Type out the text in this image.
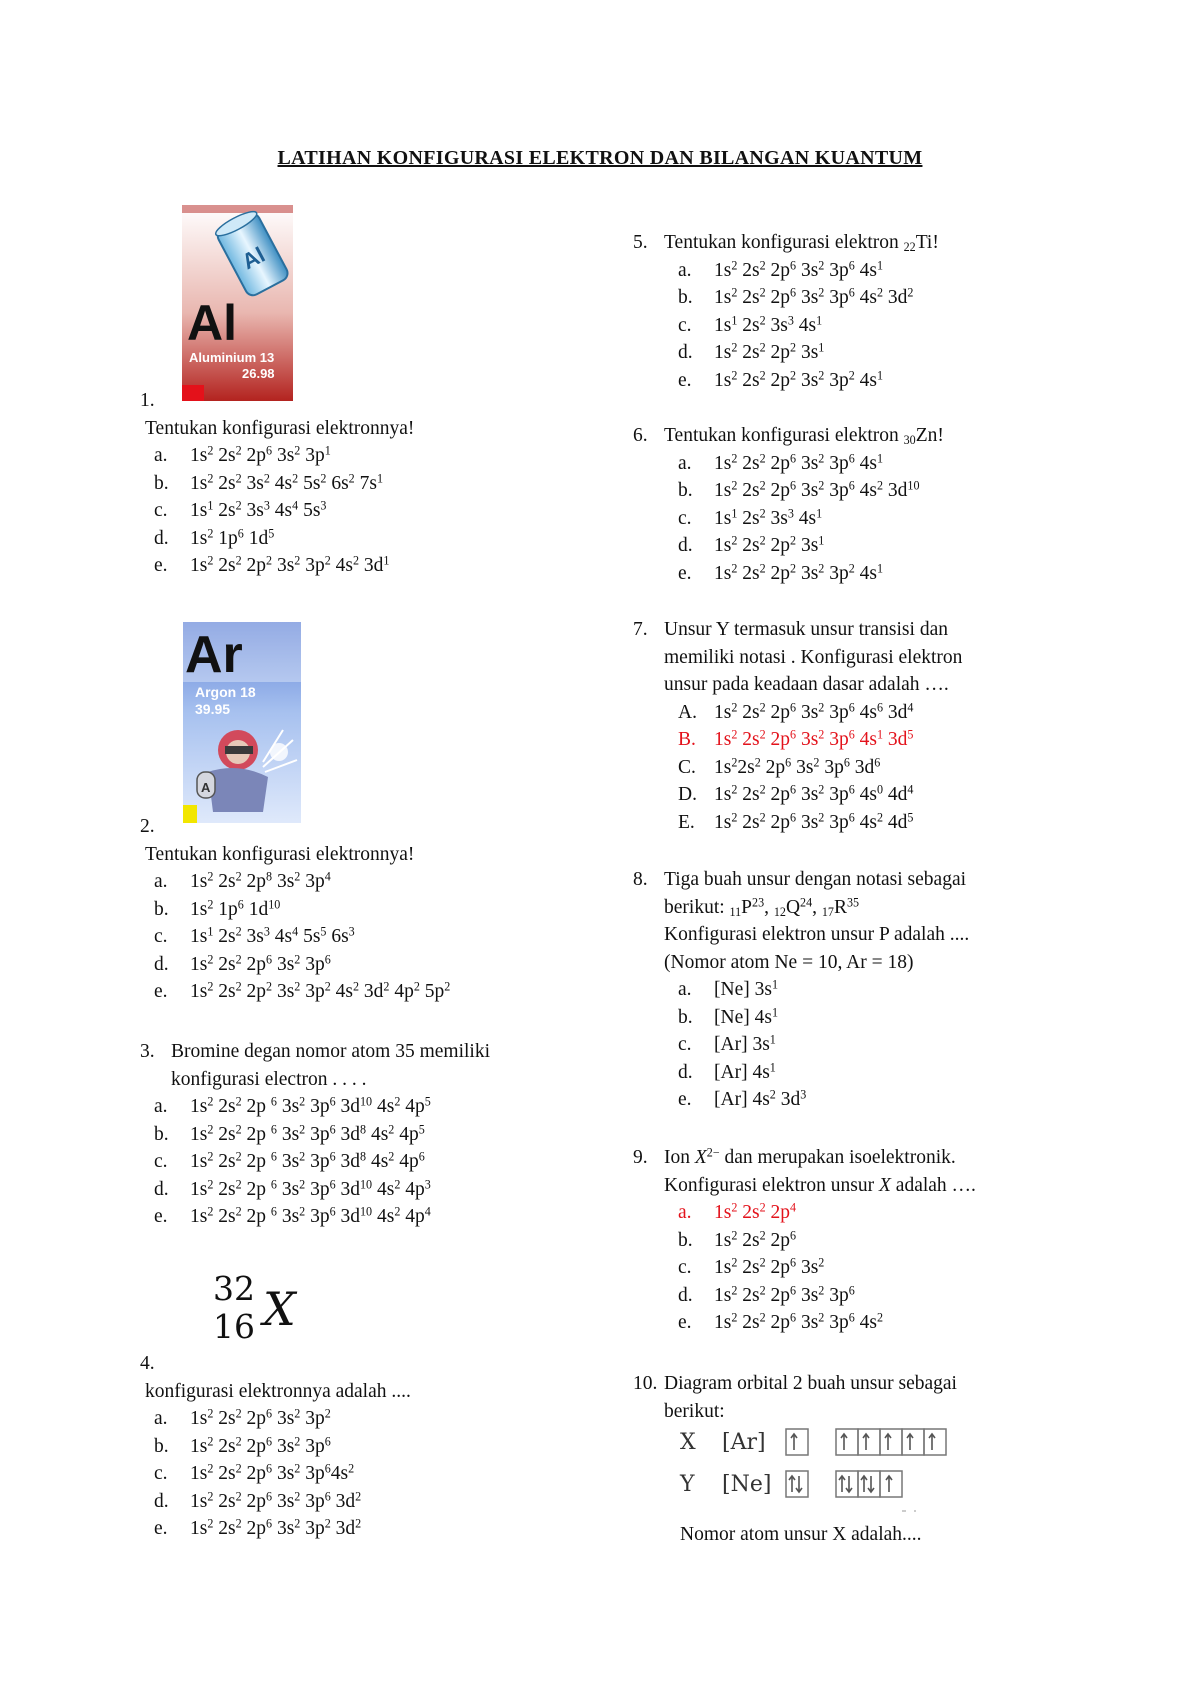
LATIHAN KONFIGURASI ELEKTRON DAN BILANGAN KUANTUM
Al
Al
Aluminium 13
26.98
1.
Tentukan konfigurasi elektronnya!
a. $1s^2$ $2s^2$ $2p^6$ $3s^2$ $3p^1$
b. $1s^2$ $2s^2$ $3s^2$ $4s^2$ $5s^2$ $6s^2$ $7s^1$
c. $1s^1$ $2s^2$ $3s^3$ $4s^4$ $5s^3$
d. $1s^2$ $1p^6$ $1d^5$
e. $1s^2$ $2s^2$ $2p^2$ $3s^2$ $3p^2$ $4s^2$ $3d^1$
Ar
Argon 18
39.95
A
2.
Tentukan konfigurasi elektronnya!
a. $1s^2$ $2s^2$ $2p^8$ $3s^2$ $3p^4$
b. $1s^2$ $1p^6$ $1d^{10}$
c. $1s^1$ $2s^2$ $3s^3$ $4s^4$ $5s^5$ $6s^3$
d. $1s^2$ $2s^2$ $2p^6$ $3s^2$ $3p^6$
e. $1s^2$ $2s^2$ $2p^2$ $3s^2$ $3p^2$ $4s^2$ $3d^2$ $4p^2$ $5p^2$
3. Bromine degan nomor atom 35 memiliki
konfigurasi electron . . . .
a. $1s^2$ $2s^2$ 2p $^6$ $3s^2$ $3p^6$ $3d^{10}$ $4s^2$ $4p^5$
b. $1s^2$ $2s^2$ 2p $^6$ $3s^2$ $3p^6$ $3d^8$ $4s^2$ $4p^5$
c. $1s^2$ $2s^2$ 2p $^6$ $3s^2$ $3p^6$ $3d^8$ $4s^2$ $4p^6$
d. $1s^2$ $2s^2$ 2p $^6$ $3s^2$ $3p^6$ $3d^{10}$ $4s^2$ $4p^3$
e. $1s^2$ $2s^2$ 2p $^6$ $3s^2$ $3p^6$ $3d^{10}$ $4s^2$ $4p^4$
32
16 X
4.
konfigurasi elektronnya adalah ....
a. $1s^2$ $2s^2$ $2p^6$ $3s^2$ $3p^2$
b. $1s^2$ $2s^2$ $2p^6$ $3s^2$ $3p^6$
c. $1s^2$ $2s^2$ $2p^6$ $3s^2$ $3p^64s^2$
d. $1s^2$ $2s^2$ $2p^6$ $3s^2$ $3p^6$ $3d^2$
e. $1s^2$ $2s^2$ $2p^6$ $3s^2$ $3p^2$ $3d^2$
5. Tentukan konfigurasi elektron $_{22}$Ti!
a. $1s^2$ $2s^2$ $2p^6$ $3s^2$ $3p^6$ $4s^1$
b. $1s^2$ $2s^2$ $2p^6$ $3s^2$ $3p^6$ $4s^2$ $3d^2$
c. $1s^1$ $2s^2$ $3s^3$ $4s^1$
d. $1s^2$ $2s^2$ $2p^2$ $3s^1$
e. $1s^2$ $2s^2$ $2p^2$ $3s^2$ $3p^2$ $4s^1$
6. Tentukan konfigurasi elektron $_{30}$Zn!
a. $1s^2$ $2s^2$ $2p^6$ $3s^2$ $3p^6$ $4s^1$
b. $1s^2$ $2s^2$ $2p^6$ $3s^2$ $3p^6$ $4s^2$ $3d^{10}$
c. $1s^1$ $2s^2$ $3s^3$ $4s^1$
d. $1s^2$ $2s^2$ $2p^2$ $3s^1$
e. $1s^2$ $2s^2$ $2p^2$ $3s^2$ $3p^2$ $4s^1$
7. Unsur Y termasuk unsur transisi dan
memiliki notasi . Konfigurasi elektron
unsur pada keadaan dasar adalah ….
A. $1s^2$ $2s^2$ $2p^6$ $3s^2$ $3p^6$ $4s^6$ $3d^4$
B. $1s^2$ $2s^2$ $2p^6$ $3s^2$ $3p^6$ $4s^1$ $3d^5$
C. $1s^22s^2$ $2p^6$ $3s^2$ $3p^6$ $3d^6$
D. $1s^2$ $2s^2$ $2p^6$ $3s^2$ $3p^6$ $4s^0$ $4d^4$
E. $1s^2$ $2s^2$ $2p^6$ $3s^2$ $3p^6$ $4s^2$ $4d^5$
8. Tiga buah unsur dengan notasi sebagai
berikut: $_{11}P^{23}$, $_{12}Q^{24}$, $_{17}R^{35}$
Konfigurasi elektron unsur P adalah ....
(Nomor atom Ne = 10, Ar = 18)
a. [Ne] $3s^1$
b. [Ne] $4s^1$
c. [Ar] $3s^1$
d. [Ar] $4s^1$
e. [Ar] $4s^2$ $3d^3$
9. Ion $X^{2-}$ dan merupakan isoelektronik.
Konfigurasi elektron unsur X adalah ….
a. $1s^2$ $2s^2$ $2p^4$
b. $1s^2$ $2s^2$ $2p^6$
c. $1s^2$ $2s^2$ $2p^6$ $3s^2$
d. $1s^2$ $2s^2$ $2p^6$ $3s^2$ $3p^6$
e. $1s^2$ $2s^2$ $2p^6$ $3s^2$ $3p^6$ $4s^2$
10. Diagram orbital 2 buah unsur sebagai
berikut:
X [Ar]
Y [Ne]
Nomor atom unsur X adalah....
